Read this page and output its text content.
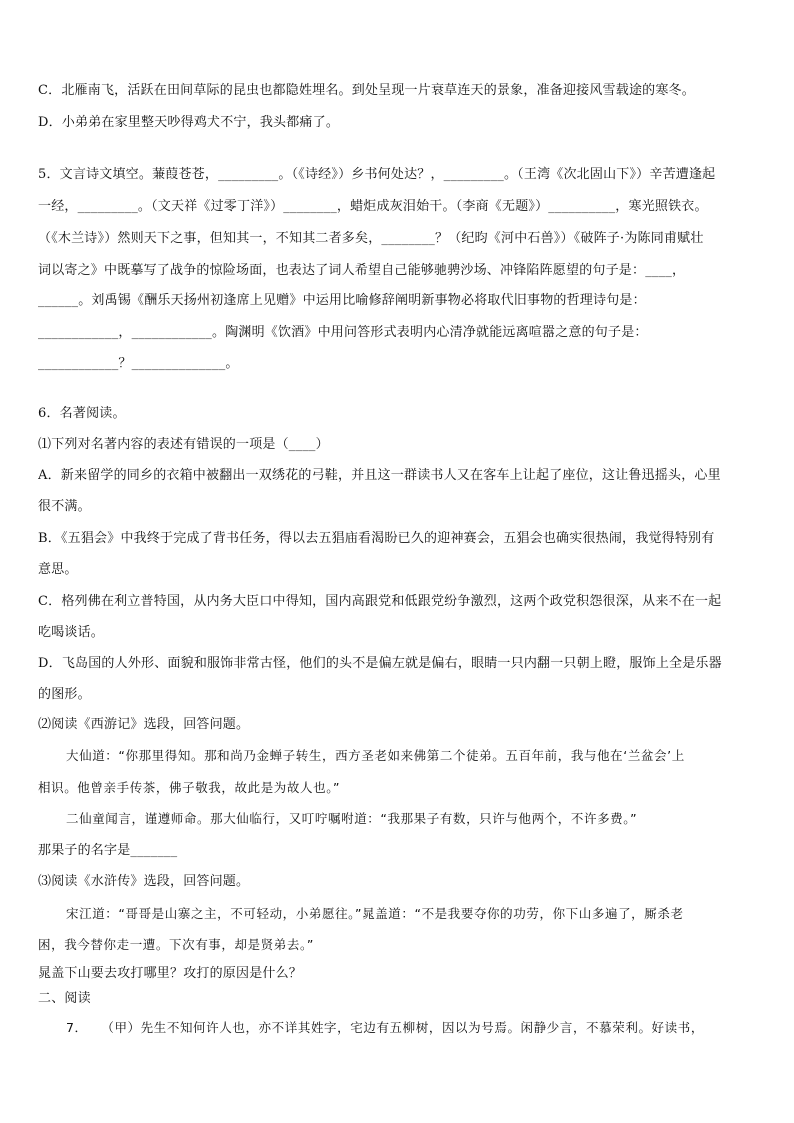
C．北雁南飞，活跃在田间草际的昆虫也都隐姓埋名。到处呈现一片衰草连天的景象，准备迎接风雪载途的寒冬。
D．小弟弟在家里整天吵得鸡犬不宁，我头都痛了。
5．文言诗文填空。蒹葭苍苍，_________。（《诗经》）乡书何处达？，_________。（王湾《次北固山下》）辛苦遭逢起
一经，_________。（文天祥《过零丁洋》）________，蜡炬成灰泪始干。（李商《无题》）__________，寒光照铁衣。
（《木兰诗》）然则天下之事，但知其一，不知其二者多矣，________？（纪昀《河中石兽》）《破阵子·为陈同甫赋壮
词以寄之》中既摹写了战争的惊险场面，也表达了词人希望自己能够驰骋沙场、冲锋陷阵愿望的句子是：____，
______。刘禹锡《酬乐天扬州初逢席上见赠》中运用比喻修辞阐明新事物必将取代旧事物的哲理诗句是：
____________，____________。陶渊明《饮酒》中用问答形式表明内心清净就能远离喧嚣之意的句子是：
____________？______________。
6．名著阅读。
⑴下列对名著内容的表述有错误的一项是（____）
A．新来留学的同乡的衣箱中被翻出一双绣花的弓鞋，并且这一群读书人又在客车上让起了座位，这让鲁迅摇头，心里
很不满。
B．《五猖会》中我终于完成了背书任务，得以去五猖庙看渴盼已久的迎神赛会，五猖会也确实很热闹，我觉得特别有
意思。
C．格列佛在利立普特国，从内务大臣口中得知，国内高跟党和低跟党纷争激烈，这两个政党积怨很深，从来不在一起
吃喝谈话。
D．飞岛国的人外形、面貌和服饰非常古怪，他们的头不是偏左就是偏右，眼睛一只内翻一只朝上瞪，服饰上全是乐器
的图形。
⑵阅读《西游记》选段，回答问题。
大仙道：“你那里得知。那和尚乃金蝉子转生，西方圣老如来佛第二个徒弟。五百年前，我与他在‘兰盆会’上
相识。他曾亲手传茶，佛子敬我，故此是为故人也。”
二仙童闻言，谨遵师命。那大仙临行，又叮咛嘱咐道：“我那果子有数，只许与他两个，不许多费。”
那果子的名字是_______
⑶阅读《水浒传》选段，回答问题。
宋江道：“哥哥是山寨之主，不可轻动，小弟愿往。”晁盖道：“不是我要夺你的功劳，你下山多遍了，厮杀老
困，我今替你走一遭。下次有事，却是贤弟去。”
晁盖下山要去攻打哪里？攻打的原因是什么？
二、阅读
7．　　（甲）先生不知何许人也，亦不详其姓字，宅边有五柳树，因以为号焉。闲静少言，不慕荣利。好读书，
